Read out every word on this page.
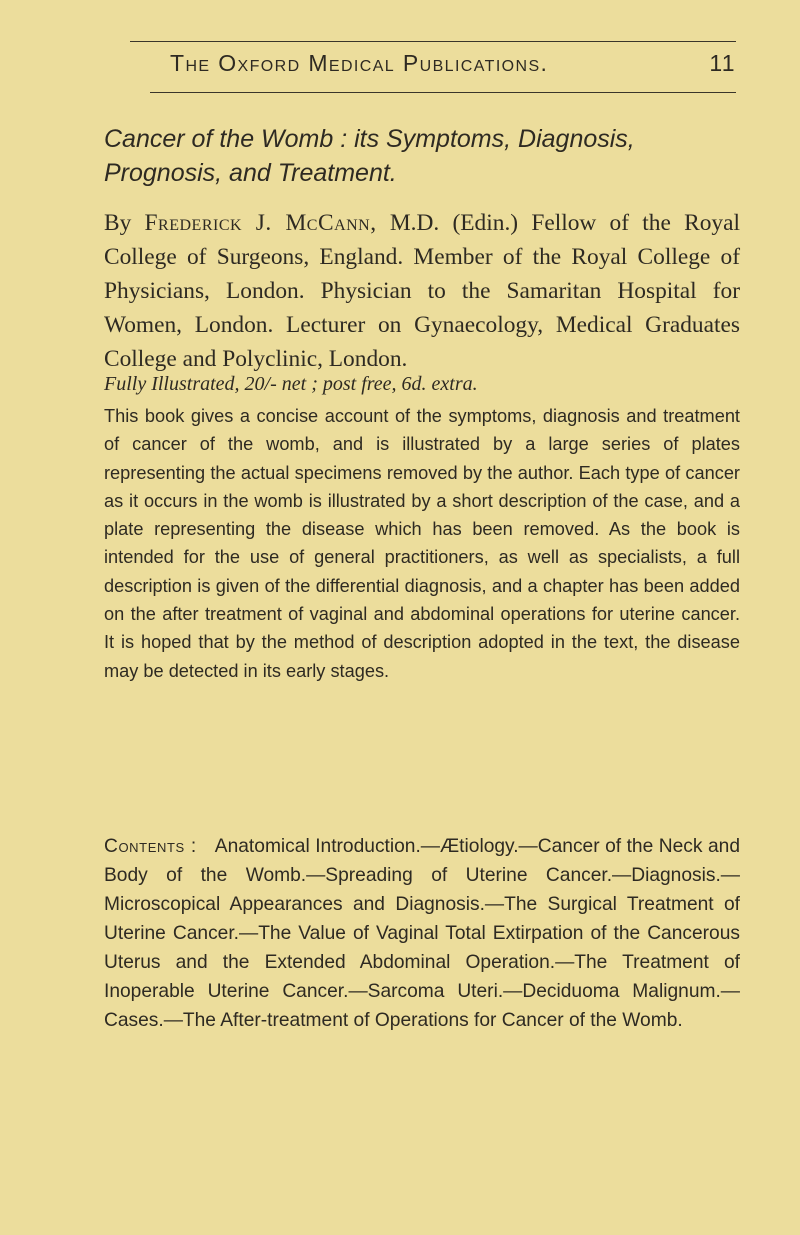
The Oxford Medical Publications.	11
Cancer of the Womb : its Symptoms, Diagnosis, Prognosis, and Treatment.
By Frederick J. McCann, M.D. (Edin.) Fellow of the Royal College of Surgeons, England. Member of the Royal College of Physicians, London. Physician to the Samaritan Hospital for Women, London. Lecturer on Gynaecology, Medical Graduates College and Polyclinic, London.
Fully Illustrated, 20/- net ; post free, 6d. extra.
This book gives a concise account of the symptoms, diagnosis and treatment of cancer of the womb, and is illustrated by a large series of plates representing the actual specimens removed by the author. Each type of cancer as it occurs in the womb is illustrated by a short description of the case, and a plate representing the disease which has been removed. As the book is intended for the use of general practitioners, as well as specialists, a full description is given of the differential diagnosis, and a chapter has been added on the after treatment of vaginal and abdominal operations for uterine cancer. It is hoped that by the method of description adopted in the text, the disease may be detected in its early stages.
Contents : Anatomical Introduction.—Ætiology.—Cancer of the Neck and Body of the Womb.—Spreading of Uterine Cancer.—Diagnosis.—Microscopical Appearances and Diagnosis.—The Surgical Treatment of Uterine Cancer.—The Value of Vaginal Total Extirpation of the Cancerous Uterus and the Extended Abdominal Operation.—The Treatment of Inoperable Uterine Cancer.—Sarcoma Uteri.—Deciduoma Malignum.—Cases.—The After-treatment of Operations for Cancer of the Womb.
